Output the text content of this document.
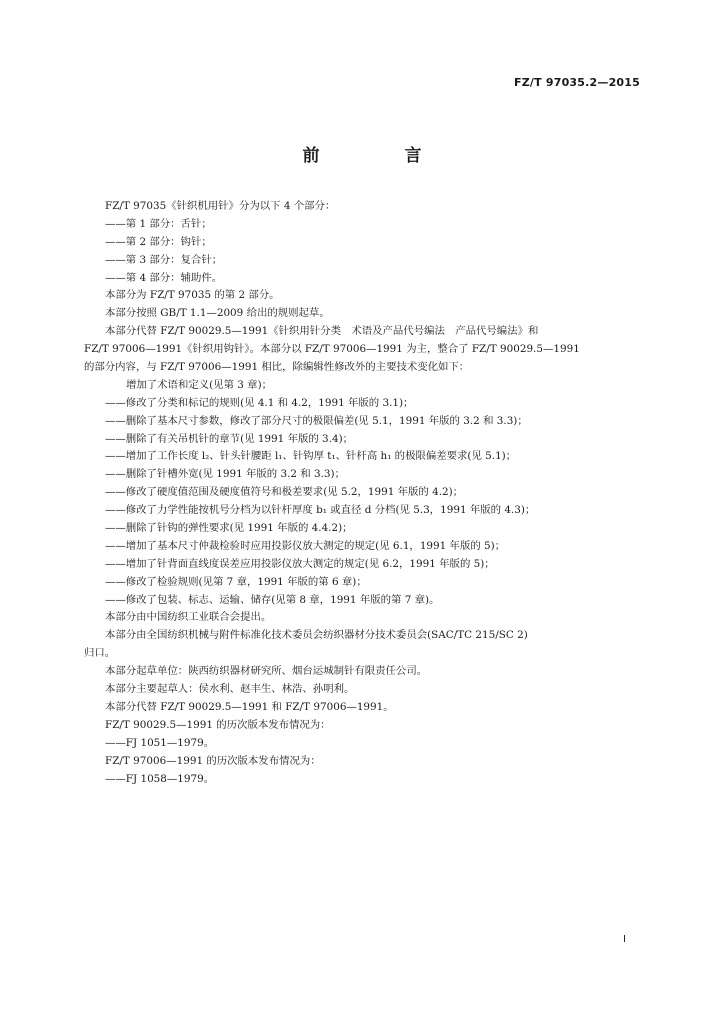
FZ/T 97035.2—2015
前　言
FZ/T 97035《针织机用针》分为以下 4 个部分：
——第 1 部分：舌针；
——第 2 部分：钩针；
——第 3 部分：复合针；
——第 4 部分：辅助件。
本部分为 FZ/T 97035 的第 2 部分。
本部分按照 GB/T 1.1—2009 给出的规则起草。
本部分代替 FZ/T 90029.5—1991《针织用针分类　术语及产品代号编法　产品代号编法》和
FZ/T 97006—1991《针织用钩针》。本部分以 FZ/T 97006—1991 为主，整合了 FZ/T 90029.5—1991
的部分内容，与 FZ/T 97006—1991 相比，除编辑性修改外的主要技术变化如下：
增加了术语和定义(见第 3 章)；
——修改了分类和标记的规则(见 4.1 和 4.2，1991 年版的 3.1)；
——删除了基本尺寸参数，修改了部分尺寸的极限偏差(见 5.1，1991 年版的 3.2 和 3.3)；
——删除了有关吊机针的章节(见 1991 年版的 3.4)；
——增加了工作长度 l₂、针头针腰距 l₁、针钩厚 t₁、针杆高 h₁ 的极限偏差要求(见 5.1)；
——删除了针槽外宽(见 1991 年版的 3.2 和 3.3)；
——修改了硬度值范围及硬度值符号和极差要求(见 5.2，1991 年版的 4.2)；
——修改了力学性能按机号分档为以针杆厚度 b₁ 或直径 d 分档(见 5.3，1991 年版的 4.3)；
——删除了针钩的弹性要求(见 1991 年版的 4.4.2)；
——增加了基本尺寸仲裁检验时应用投影仪放大测定的规定(见 6.1，1991 年版的 5)；
——增加了针背面直线度误差应用投影仪放大测定的规定(见 6.2，1991 年版的 5)；
——修改了检验规则(见第 7 章，1991 年版的第 6 章)；
——修改了包装、标志、运输、储存(见第 8 章，1991 年版的第 7 章)。
本部分由中国纺织工业联合会提出。
本部分由全国纺织机械与附件标准化技术委员会纺织器材分技术委员会(SAC/TC 215/SC 2)
归口。
本部分起草单位：陕西纺织器材研究所、烟台运城制针有限责任公司。
本部分主要起草人：侯水利、赵丰生、林浩、孙明利。
本部分代替 FZ/T 90029.5—1991 和 FZ/T 97006—1991。
FZ/T 90029.5—1991 的历次版本发布情况为：
——FJ 1051—1979。
FZ/T 97006—1991 的历次版本发布情况为：
——FJ 1058—1979。
I
